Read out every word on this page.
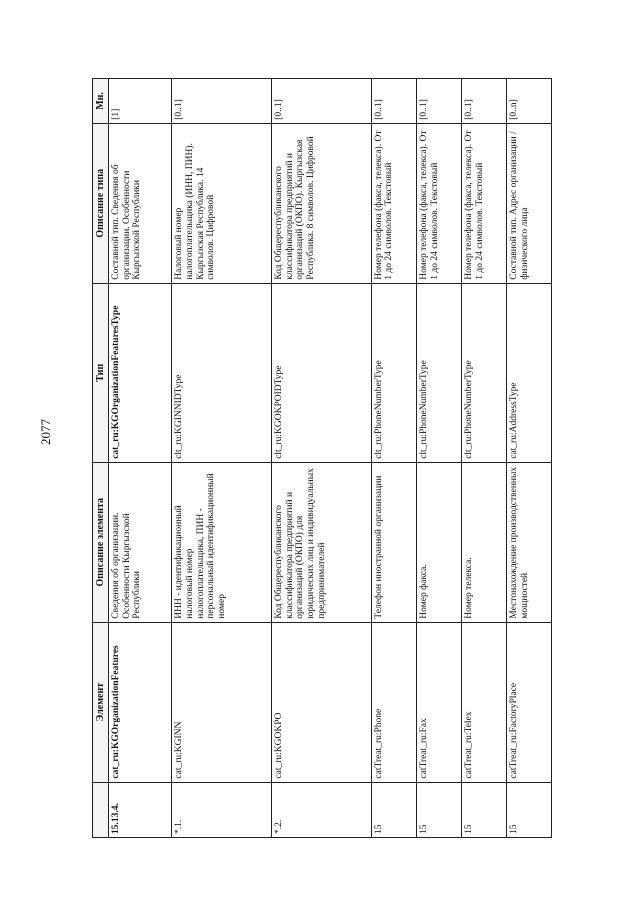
2077
	Элемент	Описание элемента	Тип	Описание типа	Мн.
15.13.4.	cat_ru:KGOrganizationFeatures	Сведения об организации. Особенности Кыргызской Республики	cat_ru:KGOrganizationFeaturesType	Составной тип. Сведения об организации. Особенности Кыргызской Республики	[1]
*.1.	cat_ru:KGINN	ИНН - идентификационный налоговый номер налогоплательщика, ПИН - персональный идентификационный номер	clt_ru:KGINNIDType	Налоговый номер налогоплательщика (ИНН, ПИН). Кыргызская Республика. 14 символов. Цифровой	[0..1]
*.2.	cat_ru:KGOKPO	Код Общереспубликанского классификатора предприятий и организаций (ОКПО) для юридических лиц и индивидуальных предпринимателей	clt_ru:KGOKPOIDType	Код Общереспубликанского классификатора предприятий и организаций (ОКПО). Кыргызская Республика. 8 символов. Цифровой	[0..1]
15	catTreat_ru:Phone	Телефон иностранной организации	clt_ru:PhoneNumberType	Номер телефона (факса, телекса). От 1 до 24 символов. Текстовый	[0..1]
15	catTreat_ru:Fax	Номер факса.	clt_ru:PhoneNumberType	Номер телефона (факса, телекса). От 1 до 24 символов. Текстовый	[0..1]
15	catTreat_ru:Telex	Номер телекса.	clt_ru:PhoneNumberType	Номер телефона (факса, телекса). От 1 до 24 символов. Текстовый	[0..1]
15	catTreat_ru:FactoryPlace	Местонахождение производственных мощностей	cat_ru:AddressType	Составной тип. Адрес организации / физического лица	[0..n]
